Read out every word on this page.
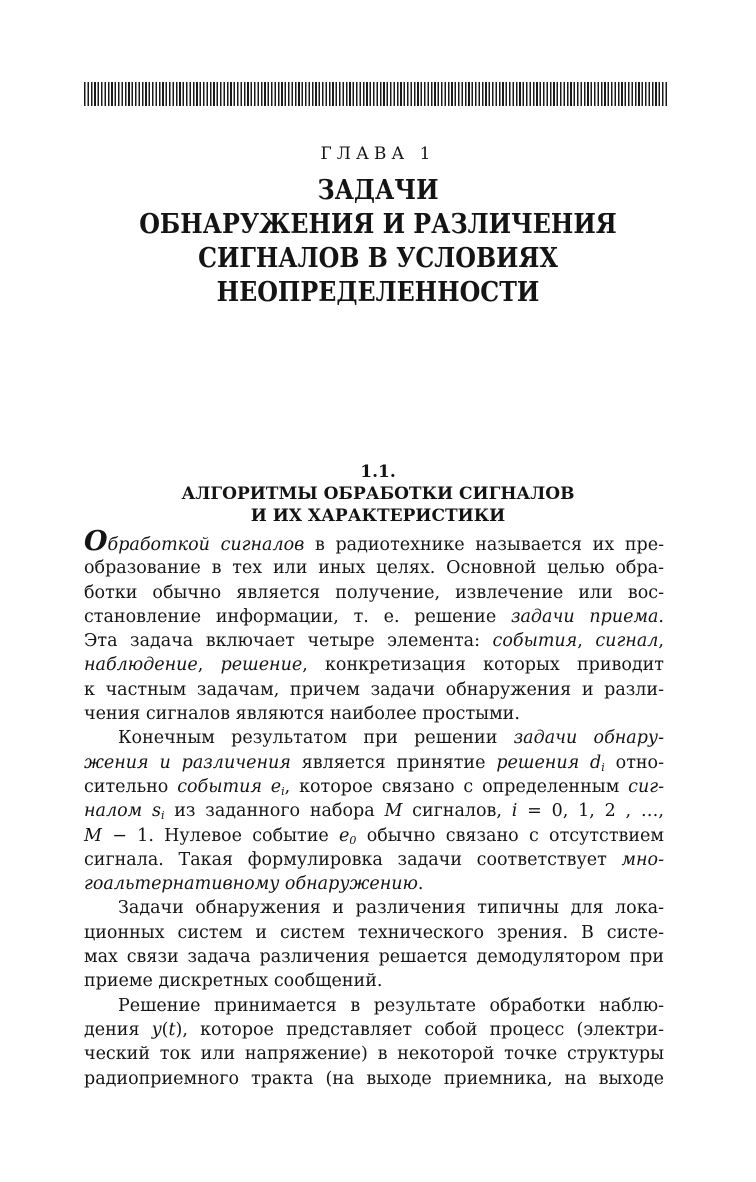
ГЛАВА 1
ЗАДАЧИ
ОБНАРУЖЕНИЯ И РАЗЛИЧЕНИЯ
СИГНАЛОВ В УСЛОВИЯХ
НЕОПРЕДЕЛЕННОСТИ
1.1.
АЛГОРИТМЫ ОБРАБОТКИ СИГНАЛОВ
И ИХ ХАРАКТЕРИСТИКИ
Обработкой сигналов в радиотехнике называется их пре-
образование в тех или иных целях. Основной целью обра-
ботки обычно является получение, извлечение или вос-
становление информации, т. е. решение задачи приема.
Эта задача включает четыре элемента: события, сигнал,
наблюдение, решение, конкретизация которых приводит
к частным задачам, причем задачи обнаружения и разли-
чения сигналов являются наиболее простыми.
Конечным результатом при решении задачи обнару-
жения и различения является принятие решения $d_i$ отно-
сительно события $e_i$, которое связано с определенным сиг-
налом $s_i$ из заданного набора M сигналов, i = 0, 1, 2 , …,
M − 1. Нулевое событие $e_0$ обычно связано с отсутствием
сигнала. Такая формулировка задачи соответствует мно-
гоальтернативному обнаружению.
Задачи обнаружения и различения типичны для лока-
ционных систем и систем технического зрения. В систе-
мах связи задача различения решается демодулятором при
приеме дискретных сообщений.
Решение принимается в результате обработки наблю-
дения y(t), которое представляет собой процесс (электри-
ческий ток или напряжение) в некоторой точке структуры
радиоприемного тракта (на выходе приемника, на выходе
